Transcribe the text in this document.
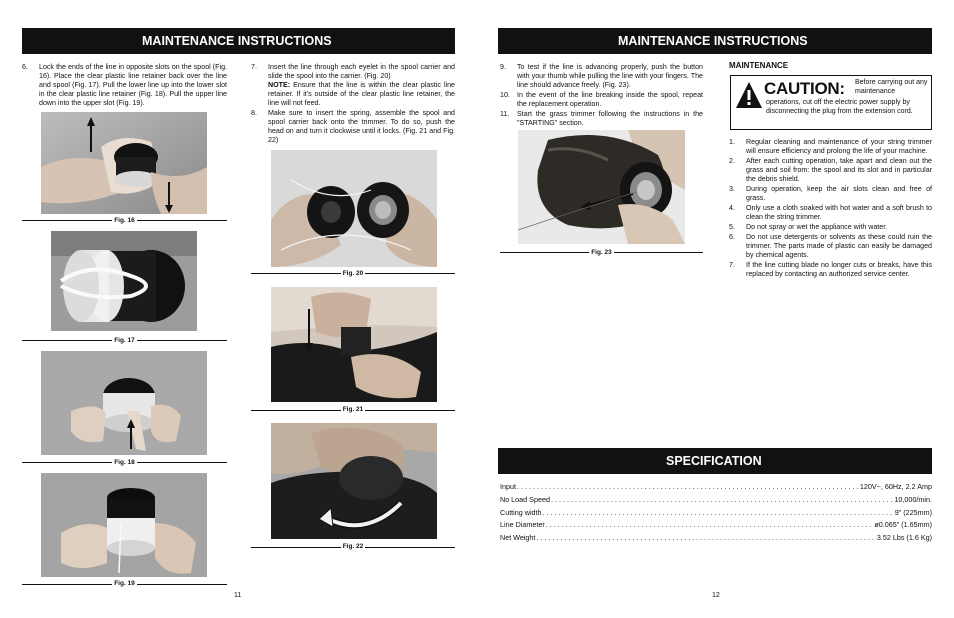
MAINTENANCE INSTRUCTIONS
6.	Lock the ends of the line in opposite slots on the spool (Fig. 16). Place the clear plastic line retainer back over the line and spool (Fig. 17). Pull the lower line up into the lower slot in the clear plastic line retainer (Fig. 18). Pull the upper line down into the upper slot (Fig. 19).
Fig. 16
Fig. 17
Fig. 18
Fig. 19
11
7.	Insert the line through each eyelet in the spool carrier and slide the spool into the carrier. (Fig. 20)
NOTE: Ensure that the line is within the clear plastic line retainer. If it's outside of the clear plastic line retainer, the line will not feed.
8.	Make sure to insert the spring, assemble the spool and spool carrier back onto the trimmer. To do so, push the head on and turn it clockwise until it locks. (Fig. 21 and Fig. 22)
Fig. 20
Fig. 21
Fig. 22
MAINTENANCE INSTRUCTIONS
9.	To test if the line is advancing properly, push the button with your thumb while pulling the line with your fingers. The line should advance freely. (Fig. 23).
10.	In the event of the line breaking inside the spool, repeat the replacement operation.
11.	Start the grass trimmer following the instructions in the "STARTING" section.
Fig. 23
MAINTENANCE
CAUTION: Before carrying out any maintenance
operations, cut off the electric power supply by disconnecting the plug from the extension cord.
1.	Regular cleaning and maintenance of your string trimmer will ensure efficiency and prolong the life of your machine.
2.	After each cutting operation, take apart and clean out the grass and soil from: the spool and its slot and in particular the debris shield.
3.	During operation, keep the air slots clean and free of grass.
4.	Only use a cloth soaked with hot water and a soft brush to clean the string trimmer.
5.	Do not spray or wet the appliance with water.
6.	Do not use detergents or solvents as these could ruin the trimmer. The parts made of plastic can easily be damaged by chemical agents.
7.	If the line cutting blade no longer cuts or breaks, have this replaced by contacting an authorized service center.
SPECIFICATION
Input . . .	120V~, 60Hz, 2.2 Amp
No Load Speed . . .	10,000/min.
Cutting width . . .	9" (225mm)
Line Diameter . . .	ø0.065" (1.65mm)
Net Weight . . .	3.52 Lbs (1.6 Kg)
12
